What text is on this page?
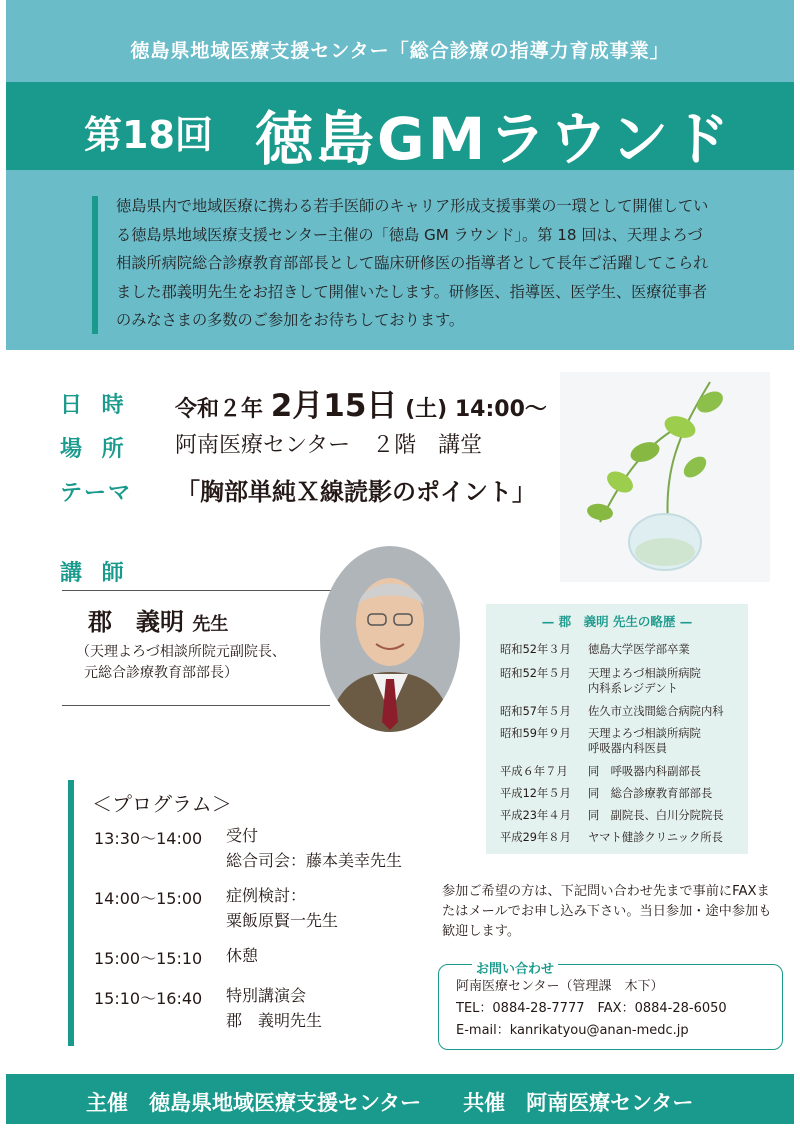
徳島県地域医療支援センター「総合診療の指導力育成事業」
第18回 徳島GMラウンド
徳島県内で地域医療に携わる若手医師のキャリア形成支援事業の一環として開催している徳島県地域医療支援センター主催の「徳島 GM ラウンド」。第 18 回は、天理よろづ相談所病院総合診療教育部部長として臨床研修医の指導者として長年ご活躍してこられました郡義明先生をお招きして開催いたします。研修医、指導医、医学生、医療従事者のみなさまの多数のご参加をお待ちしております。
日 時 令和２年 2月15日 (土) 14:00～
場 所 阿南医療センター　２階　講堂
テーマ 「胸部単純Ｘ線読影のポイント」
講 師
郡　義明 先生
（天理よろづ相談所院元副院長、
元総合診療教育部部長）
— 郡　義明 先生の略歴 —
昭和52年３月 徳島大学医学部卒業
昭和52年５月 天理よろづ相談所病院
内科系レジデント
昭和57年５月 佐久市立浅間総合病院内科
昭和59年９月 天理よろづ相談所病院
呼吸器内科医員
平成６年７月 同　呼吸器内科副部長
平成12年５月 同　総合診療教育部部長
平成23年４月 同　副院長、白川分院院長
平成29年８月 ヤマト健診クリニック所長
＜プログラム＞
13:30～14:00 受付
総合司会：藤本美幸先生
14:00～15:00 症例検討：
粟飯原賢一先生
15:00～15:10 休憩
15:10～16:40 特別講演会
郡　義明先生
参加ご希望の方は、下記問い合わせ先まで事前にFAXまたはメールでお申し込み下さい。当日参加・途中参加も歓迎します。
お問い合わせ
阿南医療センター（管理課　木下）
TEL：0884-28-7777　FAX：0884-28-6050
E-mail：kanrikatyou@anan-medc.jp
主催　徳島県地域医療支援センター　　共催　阿南医療センター
